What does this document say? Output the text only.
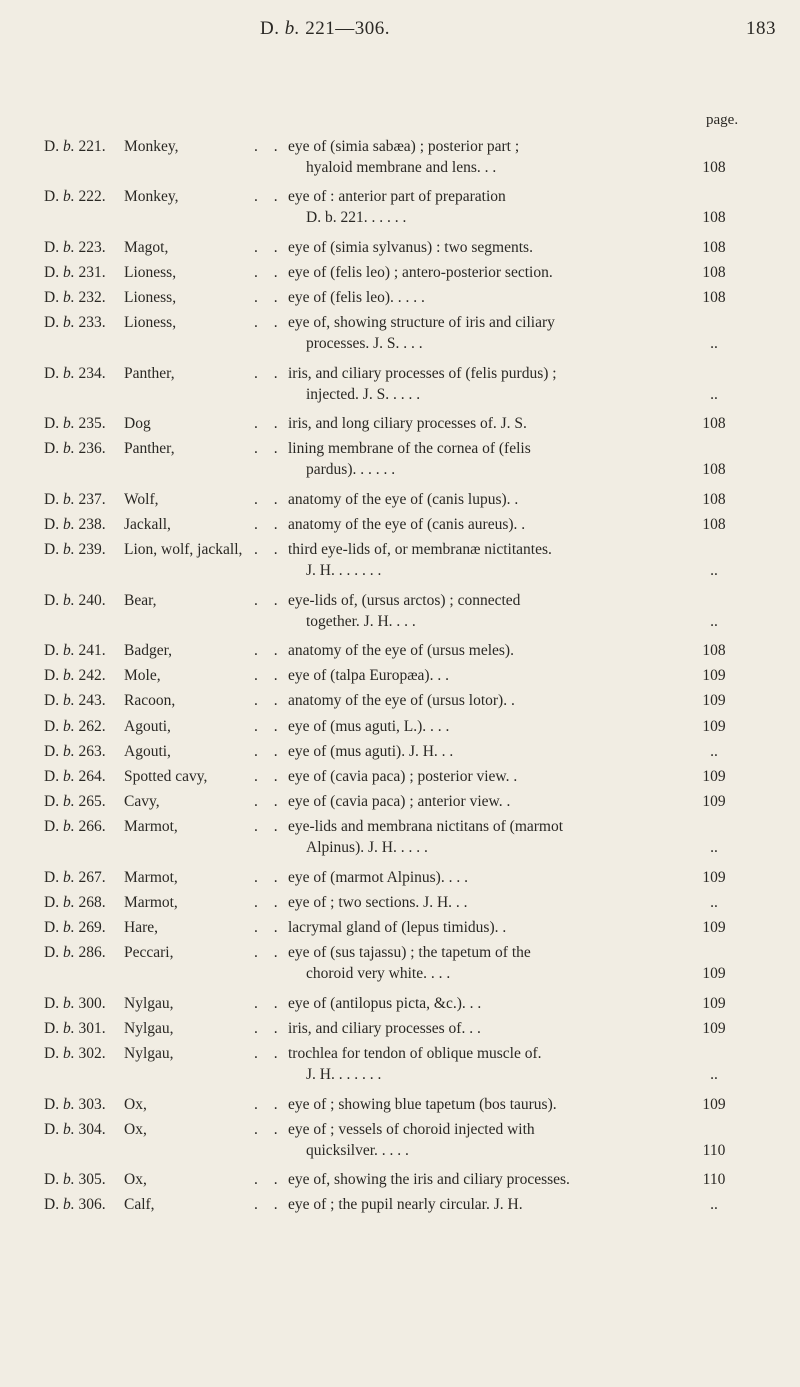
D. b. 221—306.	183
page.
D. b. 221. Monkey,	. . eye of (simia sabæa) ; posterior part ;
hyaloid membrane and lens. . .	108
D. b. 222. Monkey,	. . eye of : anterior part of preparation
D. b. 221. . . . . .	108
D. b. 223. Magot,	. . eye of (simia sylvanus) : two segments.	108
D. b. 231. Lioness,	. . eye of (felis leo) ; antero-posterior section.	108
D. b. 232. Lioness,	. . eye of (felis leo). . . . .	108
D. b. 233. Lioness,	. . eye of, showing structure of iris and ciliary
processes. J. S. . . .	..
D. b. 234. Panther,	. . iris, and ciliary processes of (felis purdus) ;
injected. J. S. . . . .	..
D. b. 235. Dog	. . iris, and long ciliary processes of. J. S.	108
D. b. 236. Panther,	. . lining membrane of the cornea of (felis
pardus). . . . . .	108
D. b. 237. Wolf,	. . anatomy of the eye of (canis lupus). .	108
D. b. 238. Jackall,	. . anatomy of the eye of (canis aureus). .	108
D. b. 239. Lion, wolf, jackall, . . third eye-lids of, or membranæ nictitantes.
J. H. . . . . . .	..
D. b. 240. Bear,	. . eye-lids of, (ursus arctos) ; connected
together. J. H. . . .	..
D. b. 241. Badger,	. . anatomy of the eye of (ursus meles).	108
D. b. 242. Mole,	. . eye of (talpa Europæa). . .	109
D. b. 243. Racoon,	. . anatomy of the eye of (ursus lotor). .	109
D. b. 262. Agouti,	. . eye of (mus aguti, L.). . . .	109
D. b. 263. Agouti,	. . eye of (mus aguti). J. H. . .	..
D. b. 264. Spotted cavy,	. . eye of (cavia paca) ; posterior view. .	109
D. b. 265. Cavy,	. . eye of (cavia paca) ; anterior view. .	109
D. b. 266. Marmot,	. . eye-lids and membrana nictitans of (marmot
Alpinus). J. H. . . . .	..
D. b. 267. Marmot,	. . eye of (marmot Alpinus). . . .	109
D. b. 268. Marmot,	. . eye of ; two sections. J. H. . .	..
D. b. 269. Hare,	. . lacrymal gland of (lepus timidus). .	109
D. b. 286. Peccari,	. . eye of (sus tajassu) ; the tapetum of the
choroid very white. . . .	109
D. b. 300. Nylgau,	. . eye of (antilopus picta, &c.). . .	109
D. b. 301. Nylgau,	. . iris, and ciliary processes of. . .	109
D. b. 302. Nylgau,	. . trochlea for tendon of oblique muscle of.
J. H. . . . . . .	..
D. b. 303. Ox,	. . eye of ; showing blue tapetum (bos taurus).	109
D. b. 304. Ox,	. . eye of ; vessels of choroid injected with
quicksilver. . . . .	110
D. b. 305. Ox,	. . eye of, showing the iris and ciliary processes.	110
D. b. 306. Calf,	. . eye of ; the pupil nearly circular. J. H.	..
